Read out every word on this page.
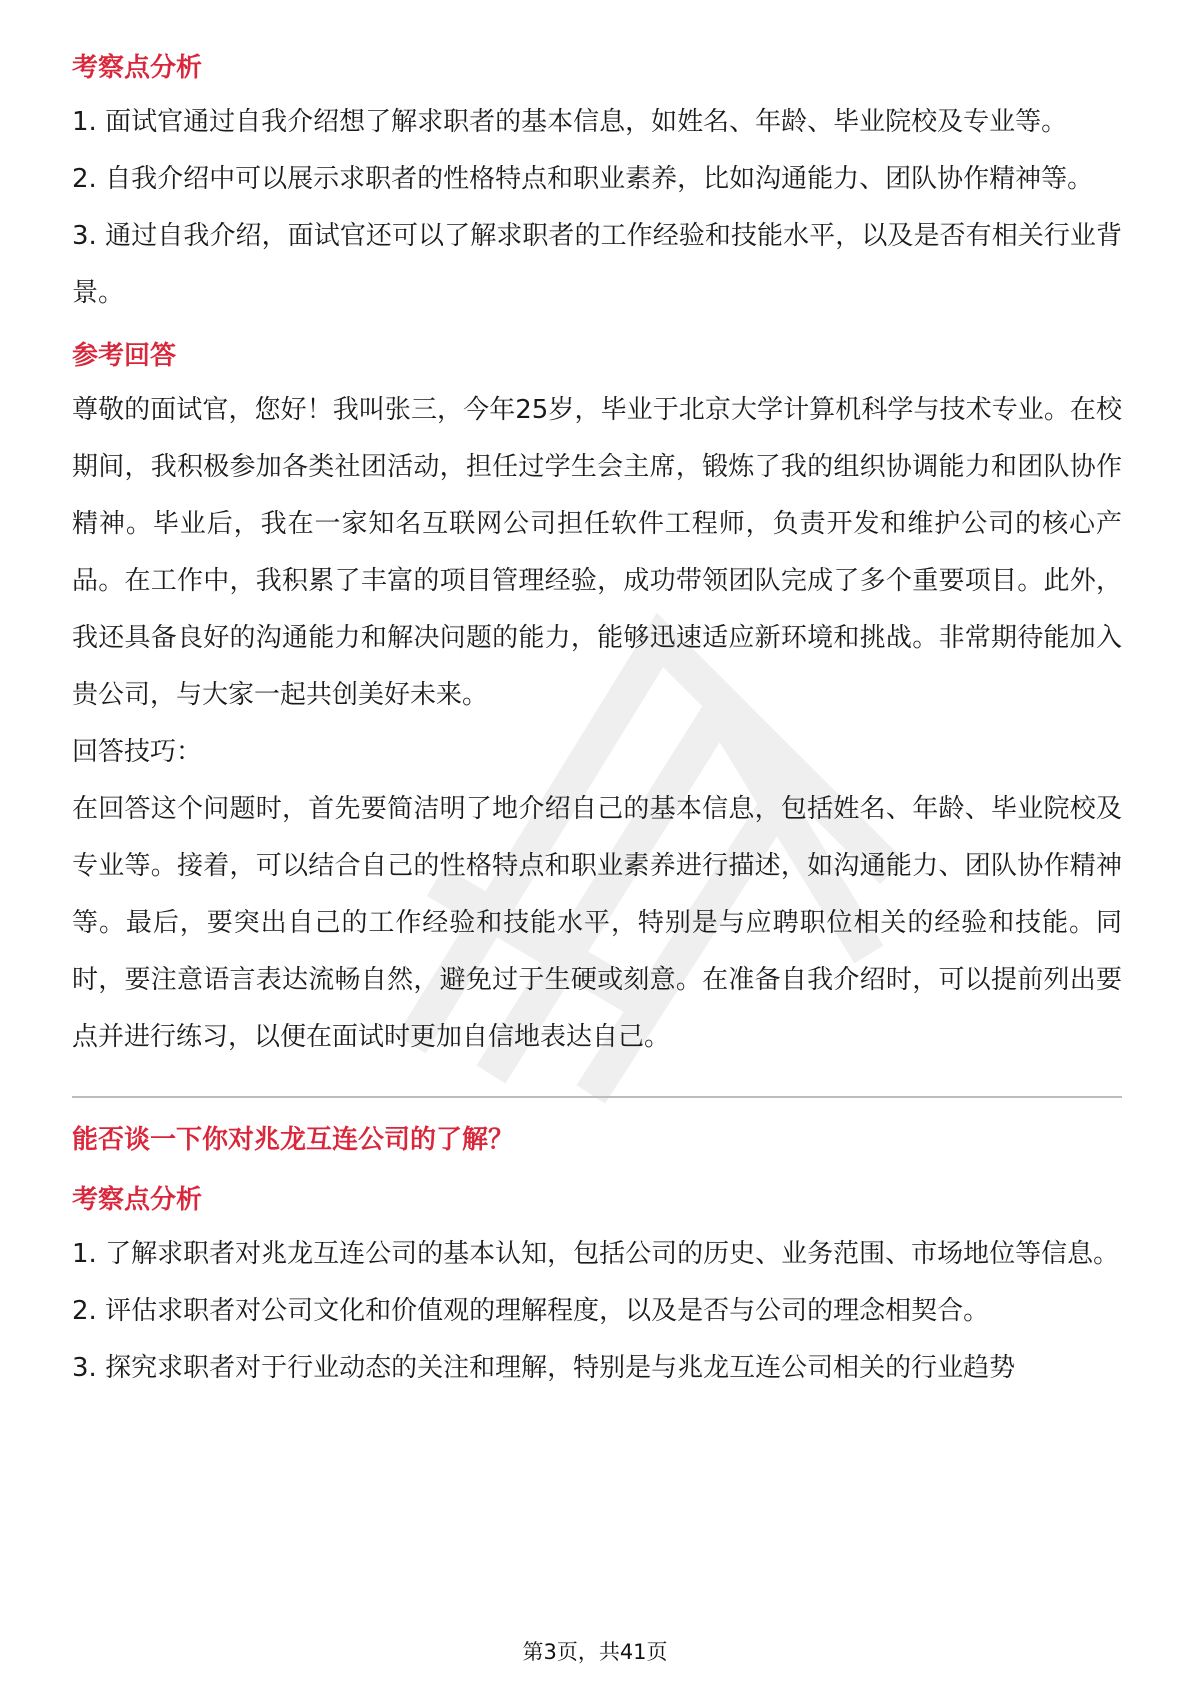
考察点分析

1. 面试官通过自我介绍想了解求职者的基本信息，如姓名、年龄、毕业院校及专业等。

2. 自我介绍中可以展示求职者的性格特点和职业素养，比如沟通能力、团队协作精神等。

3. 通过自我介绍，面试官还可以了解求职者的工作经验和技能水平，以及是否有相关行业背景。

参考回答

尊敬的面试官，您好！我叫张三，今年25岁，毕业于北京大学计算机科学与技术专业。在校期间，我积极参加各类社团活动，担任过学生会主席，锻炼了我的组织协调能力和团队协作精神。毕业后，我在一家知名互联网公司担任软件工程师，负责开发和维护公司的核心产品。在工作中，我积累了丰富的项目管理经验，成功带领团队完成了多个重要项目。此外，我还具备良好的沟通能力和解决问题的能力，能够迅速适应新环境和挑战。非常期待能加入贵公司，与大家一起共创美好未来。

回答技巧：

在回答这个问题时，首先要简洁明了地介绍自己的基本信息，包括姓名、年龄、毕业院校及专业等。接着，可以结合自己的性格特点和职业素养进行描述，如沟通能力、团队协作精神等。最后，要突出自己的工作经验和技能水平，特别是与应聘职位相关的经验和技能。同时，要注意语言表达流畅自然，避免过于生硬或刻意。在准备自我介绍时，可以提前列出要点并进行练习，以便在面试时更加自信地表达自己。

能否谈一下你对兆龙互连公司的了解？
考察点分析

1. 了解求职者对兆龙互连公司的基本认知，包括公司的历史、业务范围、市场地位等信息。

2. 评估求职者对公司文化和价值观的理解程度，以及是否与公司的理念相契合。

3. 探究求职者对于行业动态的关注和理解，特别是与兆龙互连公司相关的行业趋势

第3页，共41页
